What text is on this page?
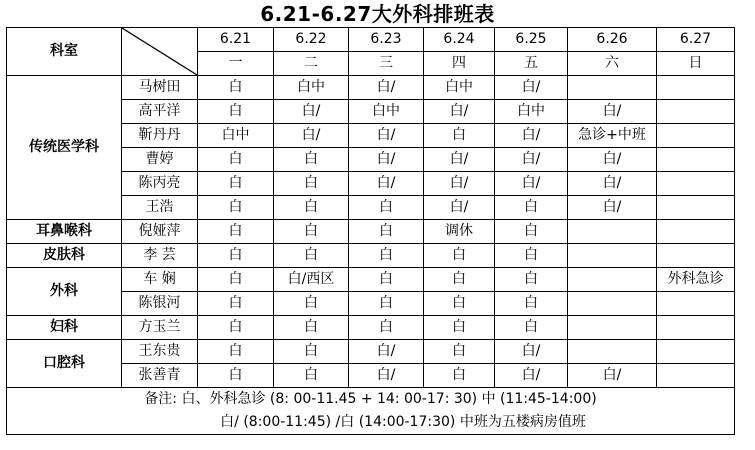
6.21-6.27大外科排班表
科室		6.21	6.22	6.23	6.24	6.25	6.26	6.27
		一	二	三	四	五	六	日
传统医学科	马树田	白	白中	白/	白中	白/		
	高平洋	白	白/	白中	白/	白中	白/	
	靳丹丹	白中	白/	白/	白	白/	急诊+中班	
	曹婷	白	白	白/	白/	白/	白/	
	陈丙亮	白	白	白/	白/	白/	白/	
	王浩	白	白	白	白/	白	白/	
耳鼻喉科	倪娅萍	白	白	白	调休	白		
皮肤科	李 芸	白	白	白	白	白		
外科	车 娴	白	白/西区	白	白	白		外科急诊
	陈银河	白	白	白	白	白		
妇科	方玉兰	白	白	白	白	白		
口腔科	王东贵	白	白	白/	白	白/		
	张善青	白	白	白/	白	白/	白/	

备注: 白、外科急诊 (8: 00-11.45 + 14: 00-17: 30) 中 (11:45-14:00)
白/ (8:00-11:45) /白 (14:00-17:30) 中班为五楼病房值班								
